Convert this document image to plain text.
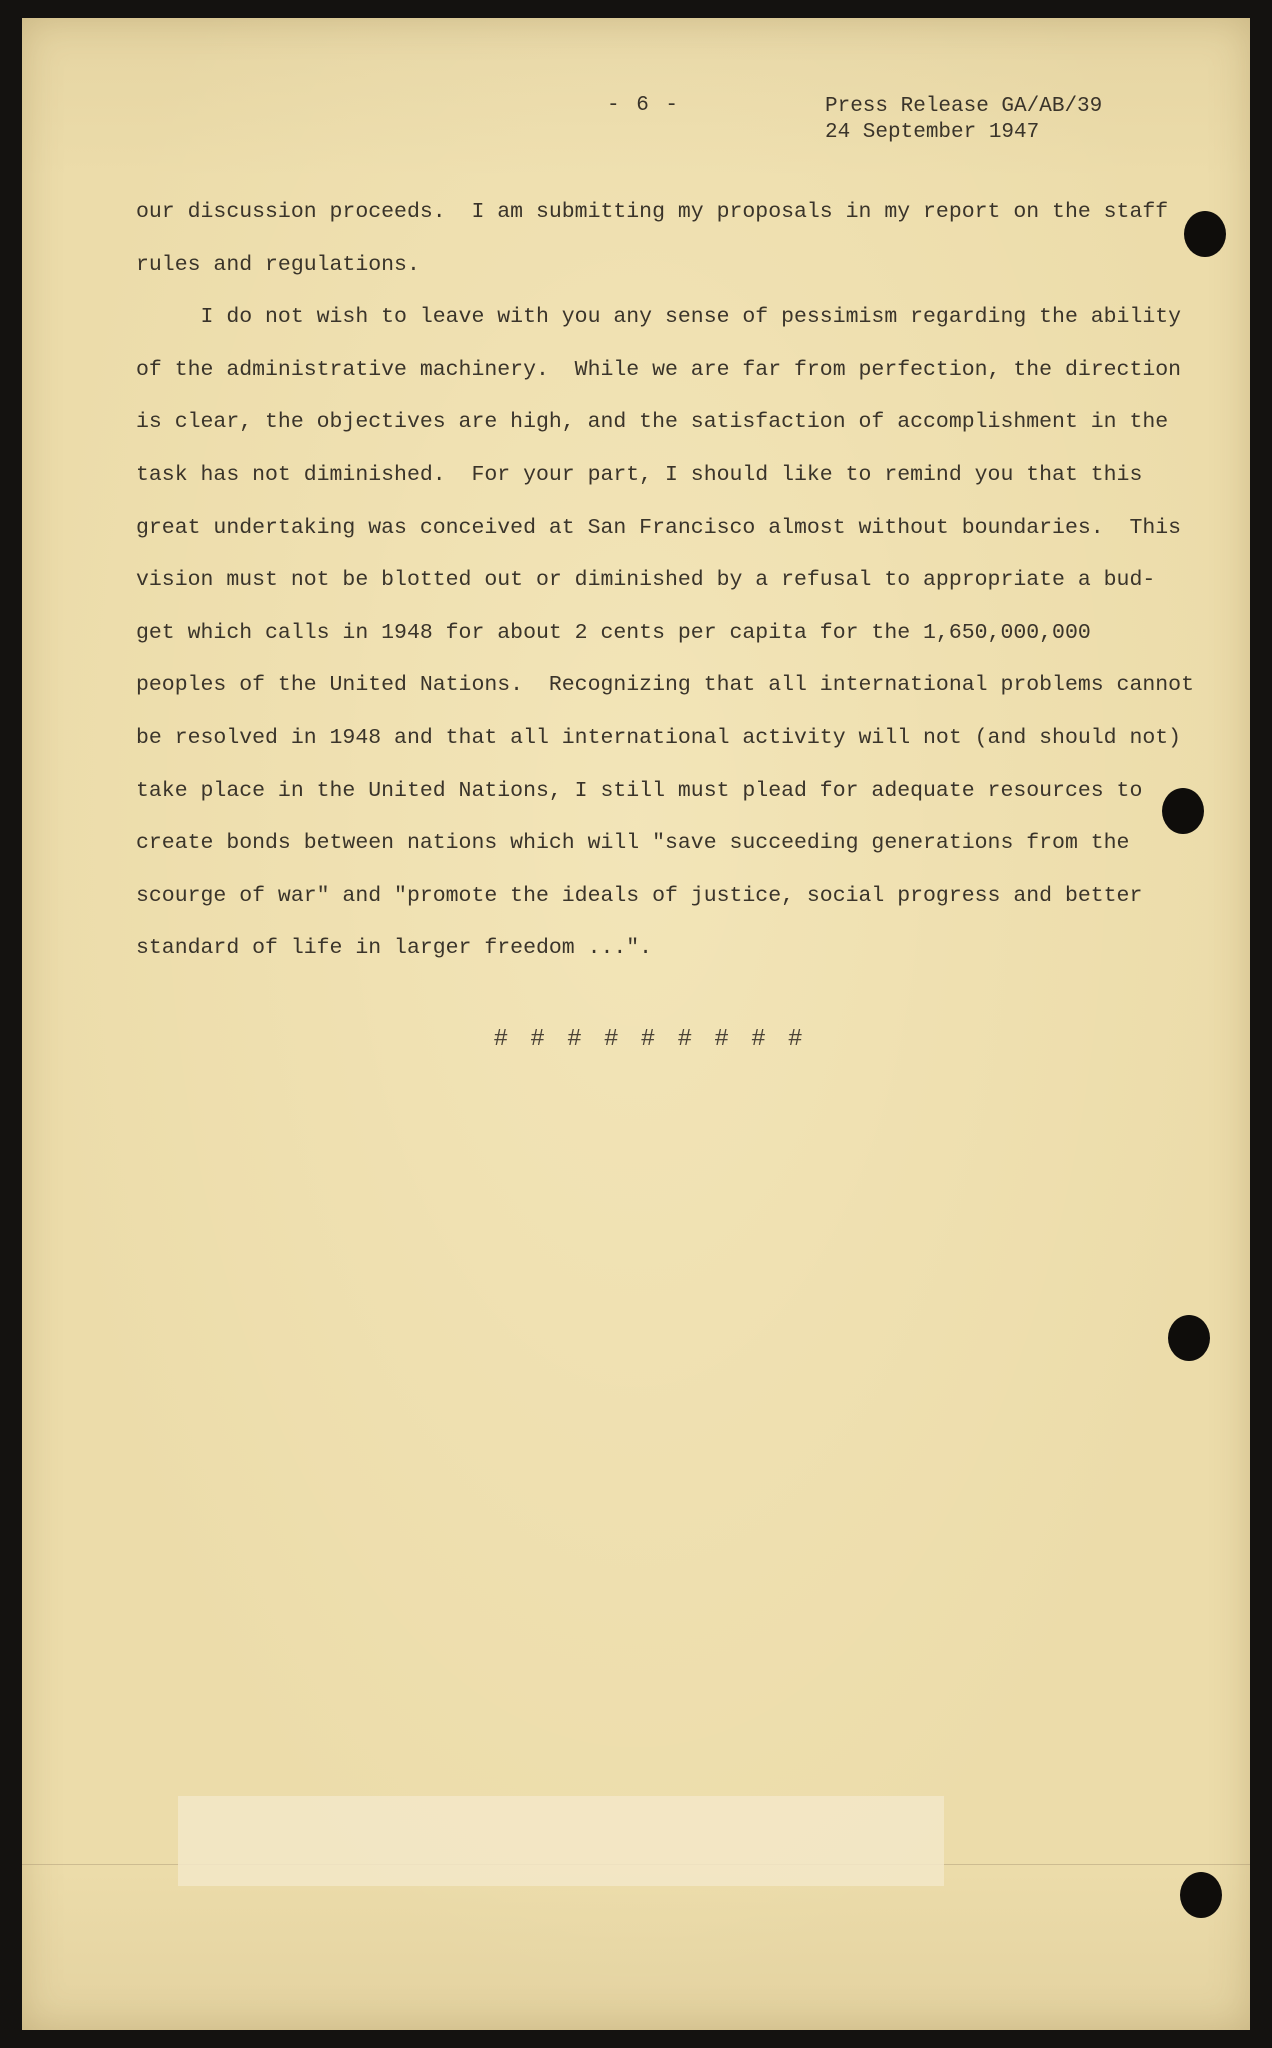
- 6 -	Press Release GA/AB/39
24 September 1947

our discussion proceeds.  I am submitting my proposals in my report on the staff

rules and regulations.

I do not wish to leave with you any sense of pessimism regarding the ability

of the administrative machinery.  While we are far from perfection, the direction

is clear, the objectives are high, and the satisfaction of accomplishment in the

task has not diminished.  For your part, I should like to remind you that this

great undertaking was conceived at San Francisco almost without boundaries.  This

vision must not be blotted out or diminished by a refusal to appropriate a bud-

get which calls in 1948 for about 2 cents per capita for the 1,650,000,000

peoples of the United Nations.  Recognizing that all international problems cannot

be resolved in 1948 and that all international activity will not (and should not)

take place in the United Nations, I still must plead for adequate resources to

create bonds between nations which will "save succeeding generations from the

scourge of war" and "promote the ideals of justice, social progress and better

standard of life in larger freedom ...".

# # # # # # # # #
